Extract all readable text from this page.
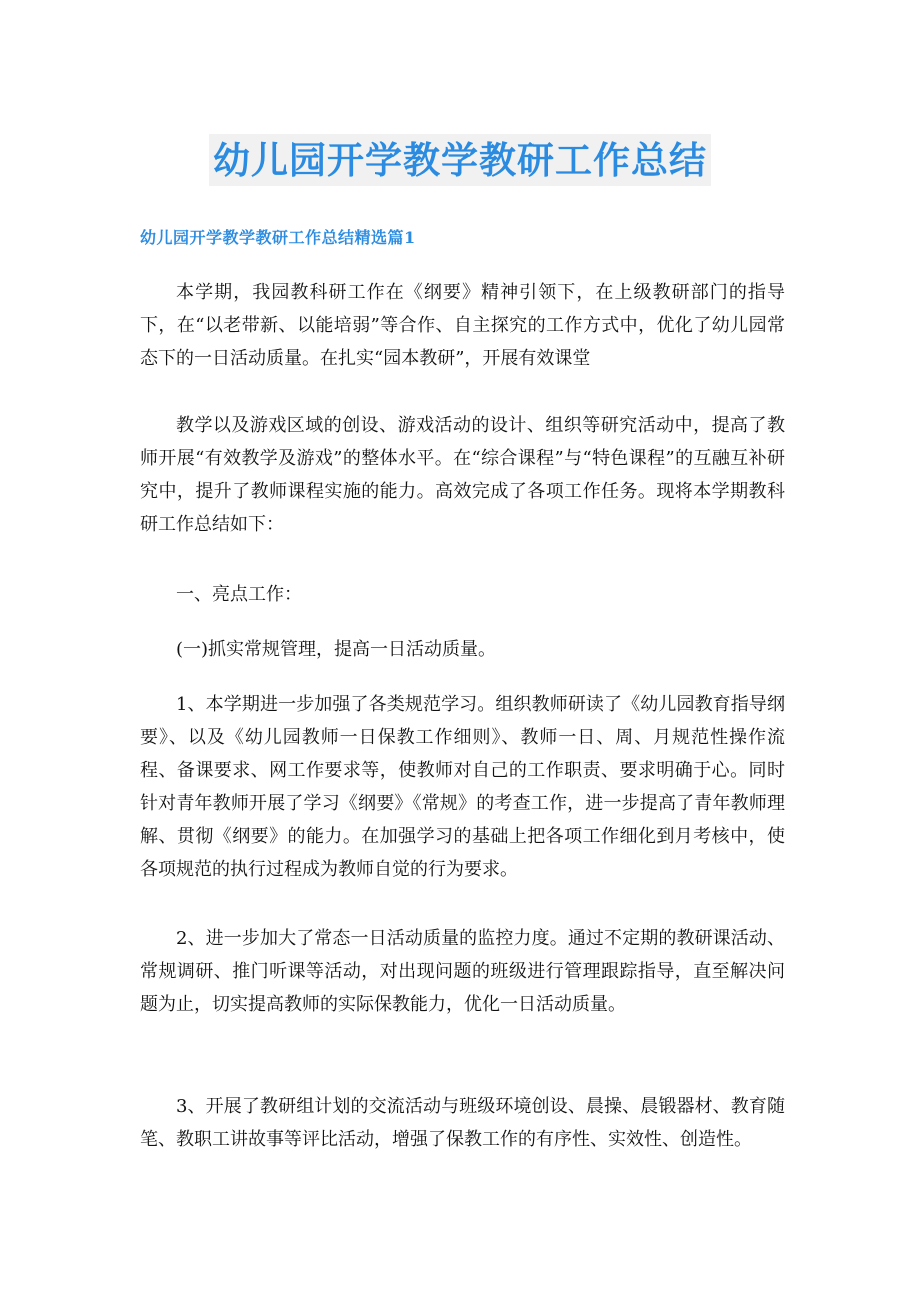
幼儿园开学教学教研工作总结
幼儿园开学教学教研工作总结精选篇1

本学期，我园教科研工作在《纲要》精神引领下，在上级教研部门的指导下，在“以老带新、以能培弱”等合作、自主探究的工作方式中，优化了幼儿园常态下的一日活动质量。在扎实“园本教研”，开展有效课堂

教学以及游戏区域的创设、游戏活动的设计、组织等研究活动中，提高了教师开展“有效教学及游戏”的整体水平。在“综合课程”与“特色课程”的互融互补研究中，提升了教师课程实施的能力。高效完成了各项工作任务。现将本学期教科研工作总结如下：

一、亮点工作：

(一)抓实常规管理，提高一日活动质量。

1、本学期进一步加强了各类规范学习。组织教师研读了《幼儿园教育指导纲要》、以及《幼儿园教师一日保教工作细则》、教师一日、周、月规范性操作流程、备课要求、网工作要求等，使教师对自己的工作职责、要求明确于心。同时针对青年教师开展了学习《纲要》《常规》的考查工作，进一步提高了青年教师理解、贯彻《纲要》的能力。在加强学习的基础上把各项工作细化到月考核中，使各项规范的执行过程成为教师自觉的行为要求。

2、进一步加大了常态一日活动质量的监控力度。通过不定期的教研课活动、常规调研、推门听课等活动，对出现问题的班级进行管理跟踪指导，直至解决问题为止，切实提高教师的实际保教能力，优化一日活动质量。

3、开展了教研组计划的交流活动与班级环境创设、晨操、晨锻器材、教育随笔、教职工讲故事等评比活动，增强了保教工作的有序性、实效性、创造性。
